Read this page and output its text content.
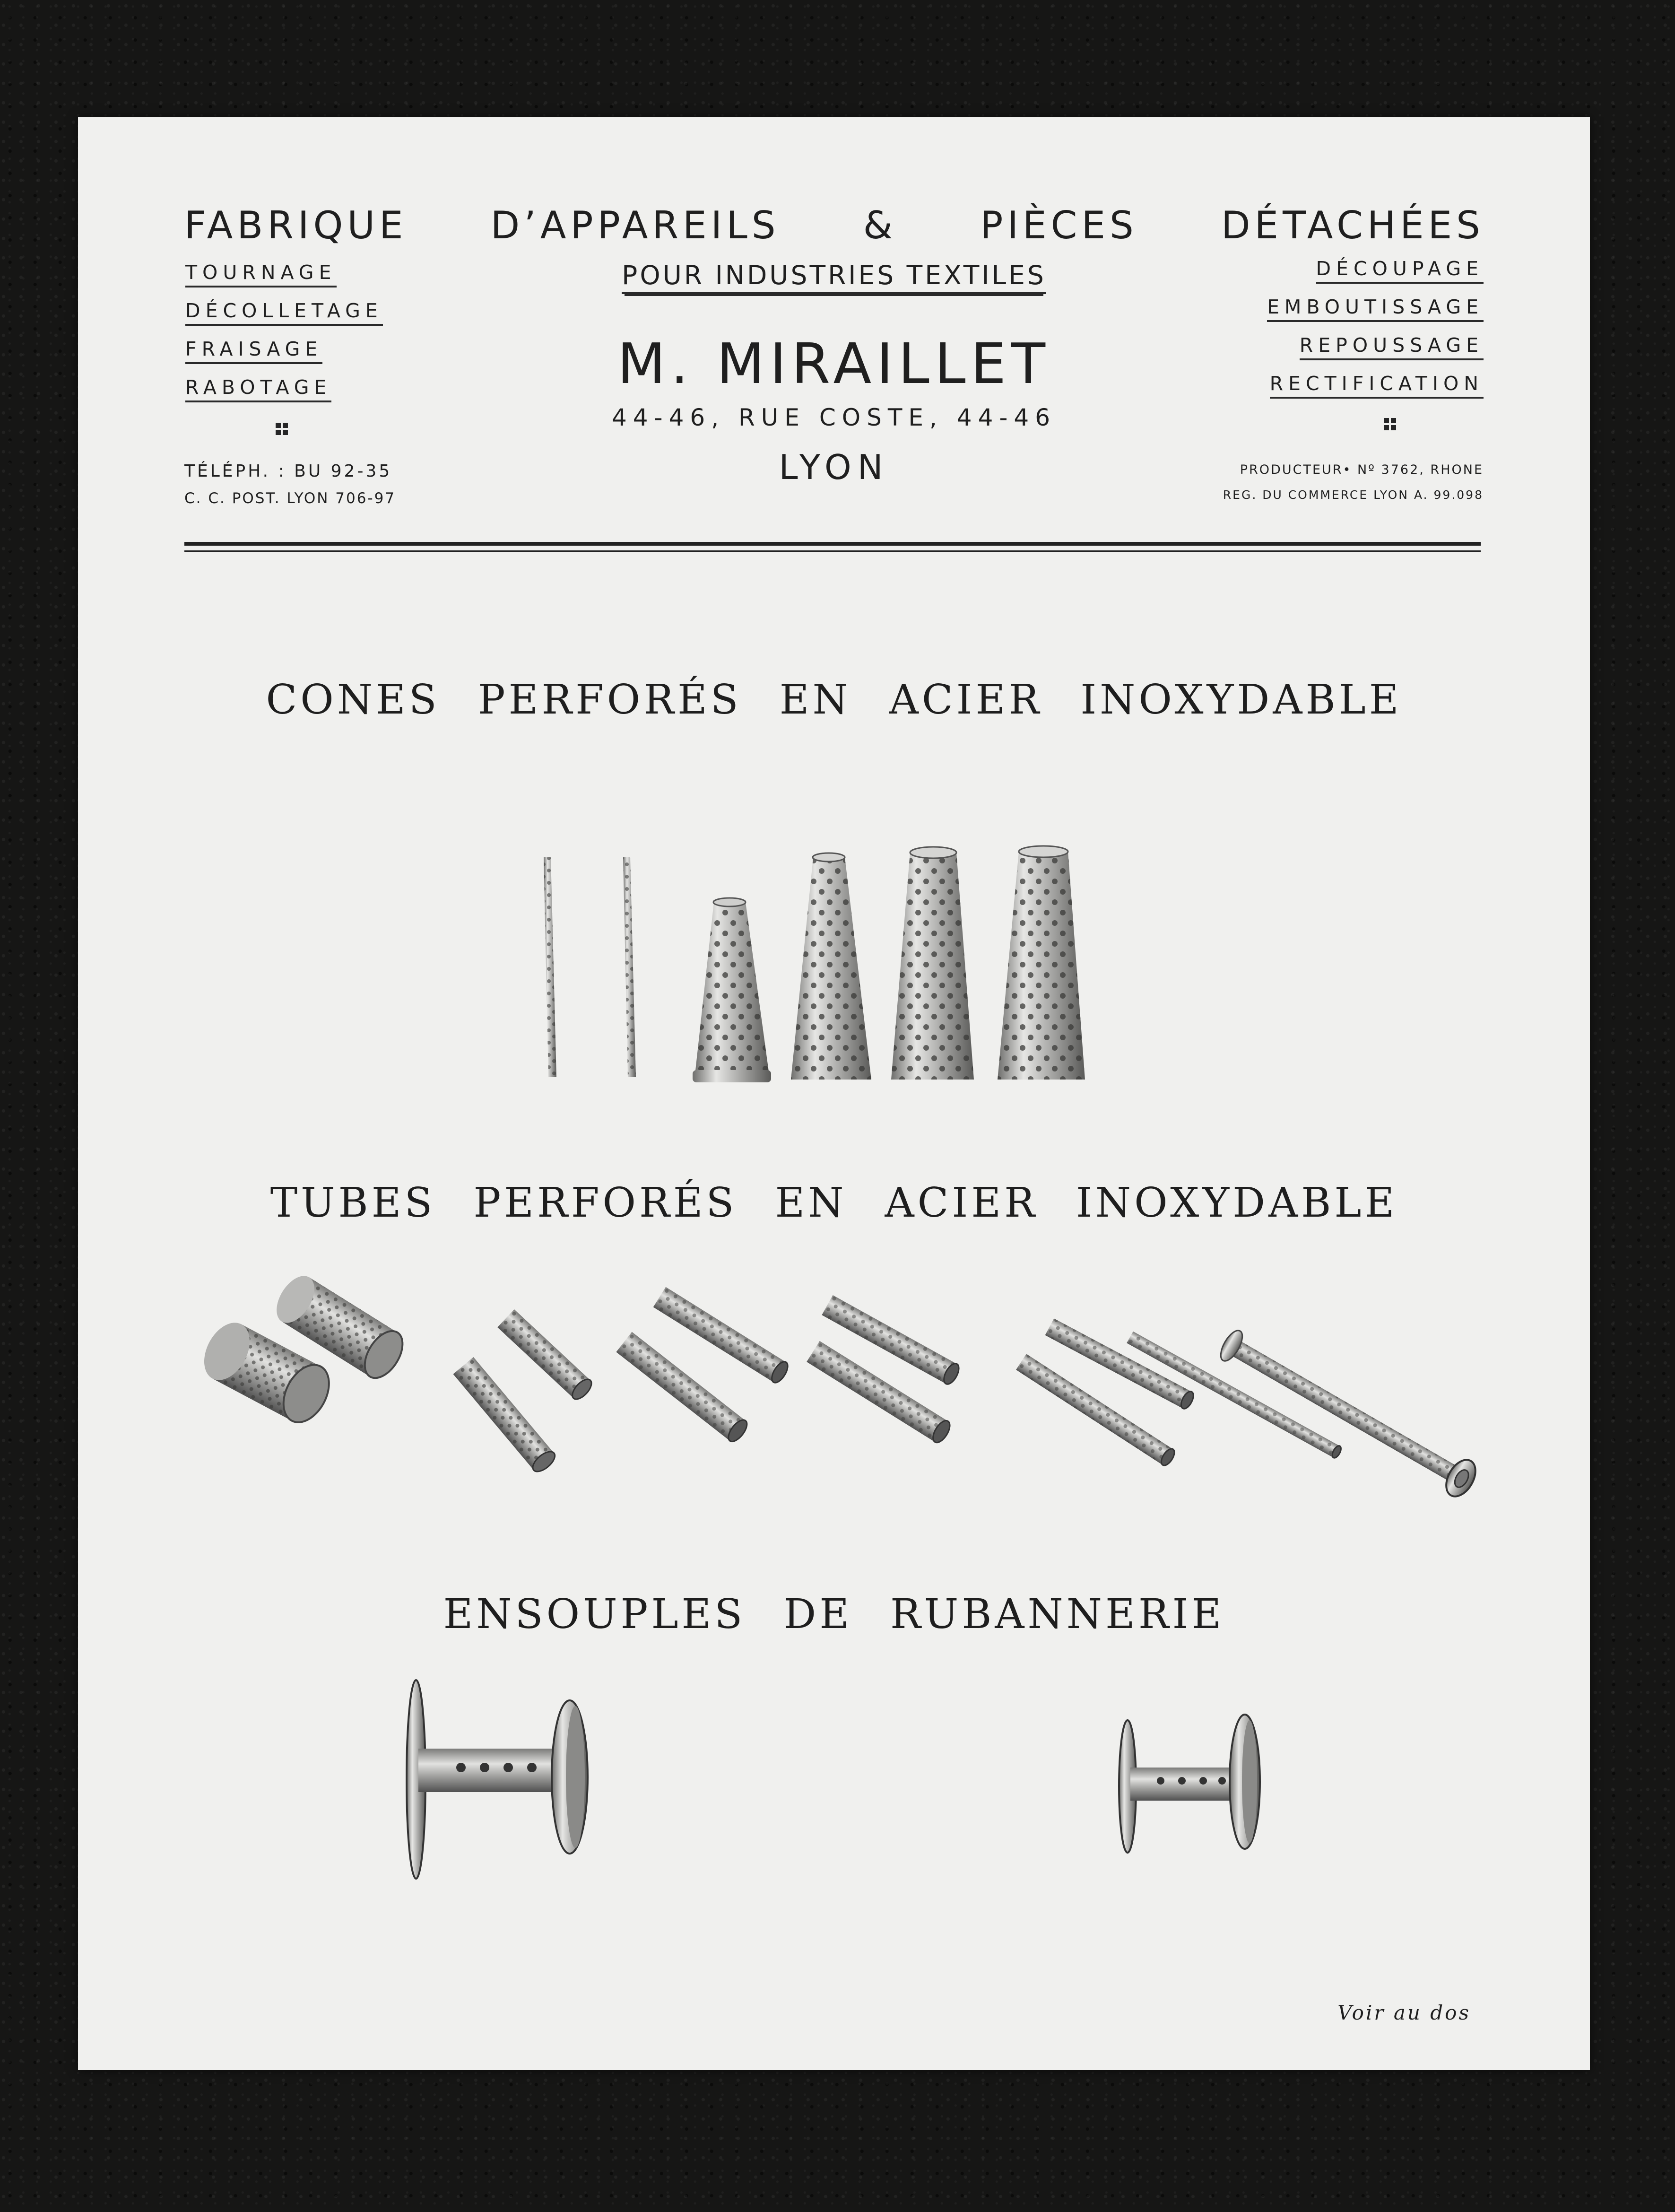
FABRIQUE D’APPAREILS & PIÈCES DÉTACHÉES
TOURNAGE
DÉCOLLETAGE
FRAISAGE
RABOTAGE
DÉCOUPAGE
EMBOUTISSAGE
REPOUSSAGE
RECTIFICATION
POUR INDUSTRIES TEXTILES
M. MIRAILLET
44-46, RUE COSTE, 44-46
LYON
TÉLÉPH. : BU 92-35
C. C. POST. LYON 706-97
PRODUCTEUR• Nº 3762, RHONE
REG. DU COMMERCE LYON A. 99.098
CONES PERFORÉS EN ACIER INOXYDABLE
TUBES PERFORÉS EN ACIER INOXYDABLE
ENSOUPLES DE RUBANNERIE
Voir au dos
